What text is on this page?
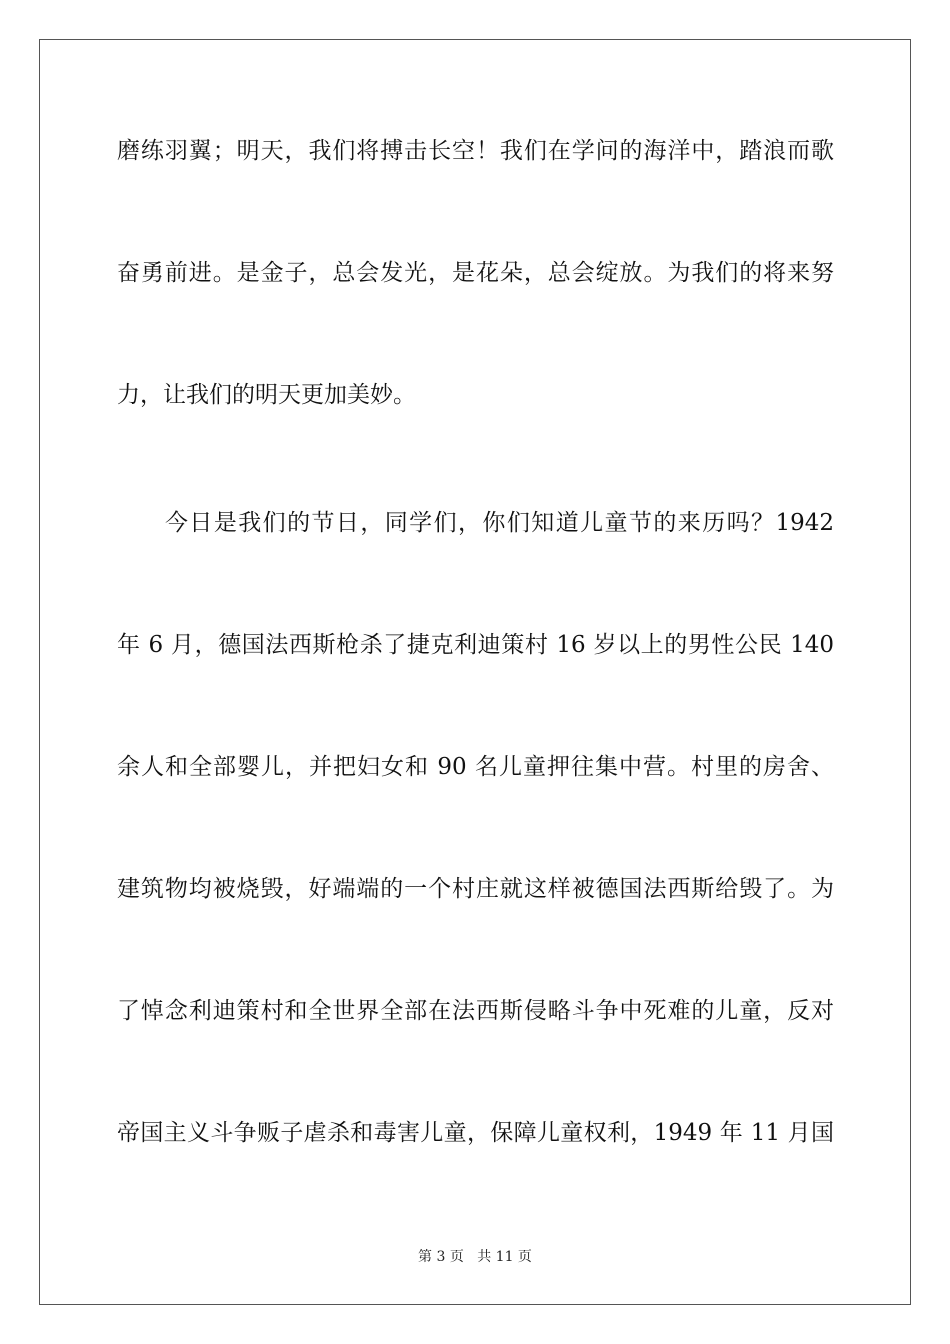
磨练羽翼；明天，我们将搏击长空！我们在学问的海洋中，踏浪而歌
奋勇前进。是金子，总会发光，是花朵，总会绽放。为我们的将来努
力，让我们的明天更加美妙。
今日是我们的节日，同学们，你们知道儿童节的来历吗？1942
年 6 月，德国法西斯枪杀了捷克利迪策村 16 岁以上的男性公民 140
余人和全部婴儿，并把妇女和 90 名儿童押往集中营。村里的房舍、
建筑物均被烧毁，好端端的一个村庄就这样被德国法西斯给毁了。为
了悼念利迪策村和全世界全部在法西斯侵略斗争中死难的儿童，反对
帝国主义斗争贩子虐杀和毒害儿童，保障儿童权利，1949 年 11 月国
第 3 页 共 11 页
